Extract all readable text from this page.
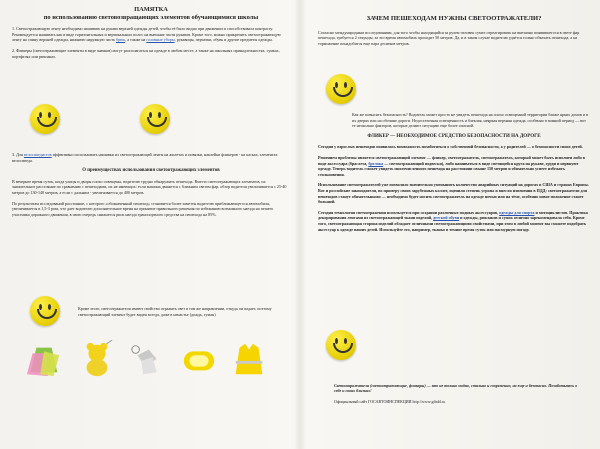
ПАМЯТКА
по использованию световозвращающих элементов обучающимися школы
1. Светоотражающую ленту необходимо нашивать на рукава верхней одежды детей, чтобы её было видно при движении и способствовала контрасту. Рекомендуется нашивать как в виде горизонтальных и вертикальных полос на внешние части рукавов. Кроме того, можно прикрепить светоотражающую ленту на спину верхней одежды, нижнюю наружную часть брюк, а также на головные уборы, рукавицы, перчатки, обувь и другие предметы одежды.
2. Фликеры (светоотражающие элементы в виде значков) могут располагаться на одежде в любом месте, а также на школьных принадлежностях, сумках, портфелях или рюкзаках.
3. Для велосипедистов эффективно использовать нашивки из светоотражающей ленты на жилетах и повязки, наклейки фликеров - на касках, элементах велосипеда.
О преимуществах использования светоотражающих элементов
В вечернее время суток, когда улицы и дворы плохо освещены, водителю трудно обнаружить пешехода. Вместо светоотражающих элементов, их значительное расстояние по сравнению с пешеходами, их не имеющих: если машина движется с ближним светом фар, обзор водителя увеличивается с 25-40 метров до 130-140 метров, а если с дальним - увеличивается до 400 метров.
По результатам исследований расстояние, с которого «обозначенный пешеход» становится более заметен водителю приближающегося автомобиля, увеличивается в 1,5-3 раза, что дает водителю дополнительное время на принятие правильного решения по избежанию возможного наезда на пешего участника дорожного движения, в свою очередь снижается риск наезда транспортного средства на пешехода на 85%.
Кроме этого, светоотражатели имеют свойство отражать свет в том же направлении, откуда он падает, поэтому светоотражающий элемент будет виден всегда, даже в ненастье (дождь, туман)
ЗАЧЕМ ПЕШЕХОДАМ НУЖНЫ СВЕТООТРАЖАТЕЛИ?
Согласно международным исследованиям, для того чтобы находящийся за рулем человек сумел отреагировать на внезапно появившегося в свете фар пешехода, требуется 2 секунды, за это время автомобиль проходит 50 метров. Да, и в таком случае водителю удаётся только объехать пешехода, а на торможение понадобится еще пара десятков метров.
Как же повысить безопасность? Водитель может просто не увидеть пешехода на плохо освещенной территории ближе ярких домов и в их дверях или на обочине дороги. Недостаточная освещенность и блеклая, неяркая верхняя одежда, особенно в зимний период — вот те несколько факторов, которые делают ситуацию еще более опасной.
ФЛИКЕР — НЕОБХОДИМОЕ СРЕДСТВО БЕЗОПАСНОСТИ НА ДОРОГЕ
Сегодня у взрослых пешеходов появилась возможность позаботиться о собственной безопасности, а у родителей — о безопасности своих детей.
Решением проблемы является светоотражающий элемент — фликер, светоотражатель, светоотражатель, который может быть исполнен либо в виде аксессуара (браслета, брелока — светоотражающий подвески), либо нашиваться в виде светящейся круга на рукаве, груди и нервнуют одежду. Теперь водитель сможет увидеть многочисленного пешехода на расстоянии свыше 150 метров и обязательно успеет избежать столкновения.
Использование светоотражателей уже позволяло значительно уменьшить количество аварийных ситуаций на дорогах в США и странах Европы. Вот и российские законодатели, по примеру своих зарубежных коллег, оценили степень угрозы и внесли изменения в ПДД: светоотражатели для пешеходов станут обязательными — необходимо будет носить светоотражатель на одежде ночью или на тёме, особенно новое положение станет большой.
Сегодня технология светоотражения используется при создании различных модных аксессуаров, одежды для спорта и мотоциклистов. Практика декорирования лентами из светоотражающей ткани изделий, детской обуви и одежды, рюкзаков и сумок отлично зарекомендовала себя. Кроме того, светоотражающая сторона изделий обладает отличными светоотражающими свойствами, при этом в любой момент вы сможете подобрать аксессуар к одежде ваших детей. Используйте это, например, тканьо в темное время суток или пасмурную погоду.
Светоотражатели (светоотражающие, фликеры) — это не только модно, стильно и современно, но еще и безопасно. Позаботьтесь о себе и своих близких!
Официальный сайт ГОСАВТОИНСПЕКЦИИ http://www.gibdd.ru
